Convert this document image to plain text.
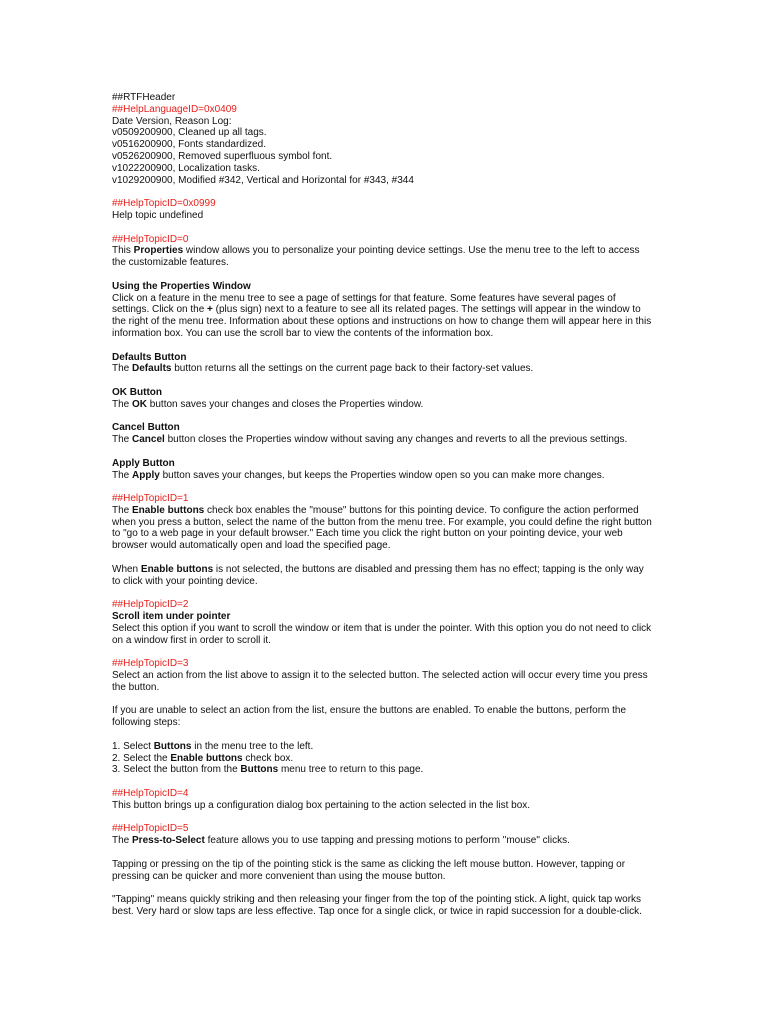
##RTFHeader
##HelpLanguageID=0x0409
Date Version, Reason Log:
v0509200900, Cleaned up all tags.
v0516200900, Fonts standardized.
v0526200900, Removed superfluous symbol font.
v1022200900, Localization tasks.
v1029200900, Modified #342, Vertical and Horizontal for #343, #344
##HelpTopicID=0x0999
Help topic undefined
##HelpTopicID=0
This Properties window allows you to personalize your pointing device settings. Use the menu tree to the left to access
the customizable features.
Using the Properties Window
Click on a feature in the menu tree to see a page of settings for that feature. Some features have several pages of
settings. Click on the + (plus sign) next to a feature to see all its related pages. The settings will appear in the window to
the right of the menu tree. Information about these options and instructions on how to change them will appear here in this
information box. You can use the scroll bar to view the contents of the information box.
Defaults Button
The Defaults button returns all the settings on the current page back to their factory-set values.
OK Button
The OK button saves your changes and closes the Properties window.
Cancel Button
The Cancel button closes the Properties window without saving any changes and reverts to all the previous settings.
Apply Button
The Apply button saves your changes, but keeps the Properties window open so you can make more changes.
##HelpTopicID=1
The Enable buttons check box enables the "mouse" buttons for this pointing device. To configure the action performed
when you press a button, select the name of the button from the menu tree. For example, you could define the right button
to "go to a web page in your default browser." Each time you click the right button on your pointing device, your web
browser would automatically open and load the specified page.
When Enable buttons is not selected, the buttons are disabled and pressing them has no effect; tapping is the only way
to click with your pointing device.
##HelpTopicID=2
Scroll item under pointer
Select this option if you want to scroll the window or item that is under the pointer. With this option you do not need to click
on a window first in order to scroll it.
##HelpTopicID=3
Select an action from the list above to assign it to the selected button. The selected action will occur every time you press
the button.
If you are unable to select an action from the list, ensure the buttons are enabled. To enable the buttons, perform the
following steps:
1. Select Buttons in the menu tree to the left.
2. Select the Enable buttons check box.
3. Select the button from the Buttons menu tree to return to this page.
##HelpTopicID=4
This button brings up a configuration dialog box pertaining to the action selected in the list box.
##HelpTopicID=5
The Press-to-Select feature allows you to use tapping and pressing motions to perform "mouse" clicks.
Tapping or pressing on the tip of the pointing stick is the same as clicking the left mouse button. However, tapping or
pressing can be quicker and more convenient than using the mouse button.
"Tapping" means quickly striking and then releasing your finger from the top of the pointing stick. A light, quick tap works
best. Very hard or slow taps are less effective. Tap once for a single click, or twice in rapid succession for a double-click.
